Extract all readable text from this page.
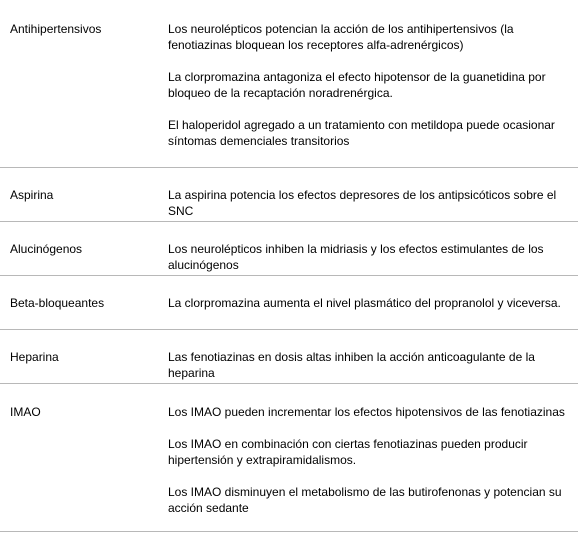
Antihipertensivos	Los neurolépticos potencian la acción de los antihipertensivos (la fenotiazinas bloquean los receptores alfa-adrenérgicos)

La clorpromazina antagoniza el efecto hipotensor de la guanetidina por bloqueo de la recaptación noradrenérgica.

El haloperidol agregado a un tratamiento con metildopa puede ocasionar síntomas demenciales transitorios

Aspirina	La aspirina potencia los efectos depresores de los antipsicóticos sobre el SNC

Alucinógenos	Los neurolépticos inhiben la midriasis y los efectos estimulantes de los alucinógenos

Beta-bloqueantes	La clorpromazina aumenta el nivel plasmático del propranolol y viceversa.

Heparina	Las fenotiazinas en dosis altas inhiben la acción anticoagulante de la heparina

IMAO	Los IMAO pueden incrementar los efectos hipotensivos de las fenotiazinas

Los IMAO en combinación con ciertas fenotiazinas pueden producir hipertensión y extrapiramidalismos.

Los IMAO disminuyen el metabolismo de las butirofenonas y potencian su acción sedante
